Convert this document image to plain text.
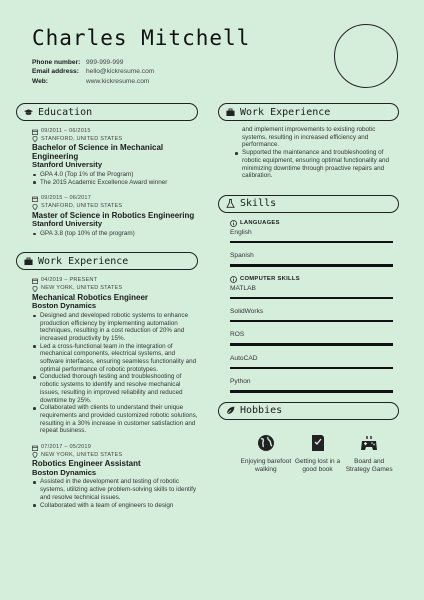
Charles Mitchell
Phone number: 999-999-999
Email address: hello@kickresume.com
Web:	www.kickresume.com
Education
09/2011 – 06/2015
STANFORD, UNITED STATES
Bachelor of Science in Mechanical Engineering
Stanford University
GPA 4.0 (Top 1% of the Program)
The 2015 Academic Excellence Award winner
09/2015 – 06/2017
STANFORD, UNITED STATES
Master of Science in Robotics Engineering
Stanford University
GPA 3.8 (top 10% of the program)
Work Experience
04/2019 – PRESENT
NEW YORK, UNITED STATES
Mechanical Robotics Engineer
Boston Dynamics
Designed and developed robotic systems to enhance production efficiency by implementing automation techniques, resulting in a cost reduction of 20% and increased productivity by 15%.
Led a cross-functional team in the integration of mechanical components, electrical systems, and software interfaces, ensuring seamless functionality and optimal performance of robotic prototypes.
Conducted thorough testing and troubleshooting of robotic systems to identify and resolve mechanical issues, resulting in improved reliability and reduced downtime by 25%.
Collaborated with clients to understand their unique requirements and provided customized robotic solutions, resulting in a 30% increase in customer satisfaction and repeat business.
07/2017 – 05/2019
NEW YORK, UNITED STATES
Robotics Engineer Assistant
Boston Dynamics
Assisted in the development and testing of robotic systems, utilizing active problem-solving skills to identify and resolve technical issues.
Collaborated with a team of engineers to design
Work Experience
and implement improvements to existing robotic systems, resulting in increased efficiency and performance.
Supported the maintenance and troubleshooting of robotic equipment, ensuring optimal functionality and minimizing downtime through proactive repairs and calibration.
Skills
LANGUAGES
English
Spanish
COMPUTER SKILLS
MATLAB
SolidWorks
ROS
AutoCAD
Python
Hobbies
Enjoying barefoot walking
Getting lost in a good book
Board and Strategy Games
